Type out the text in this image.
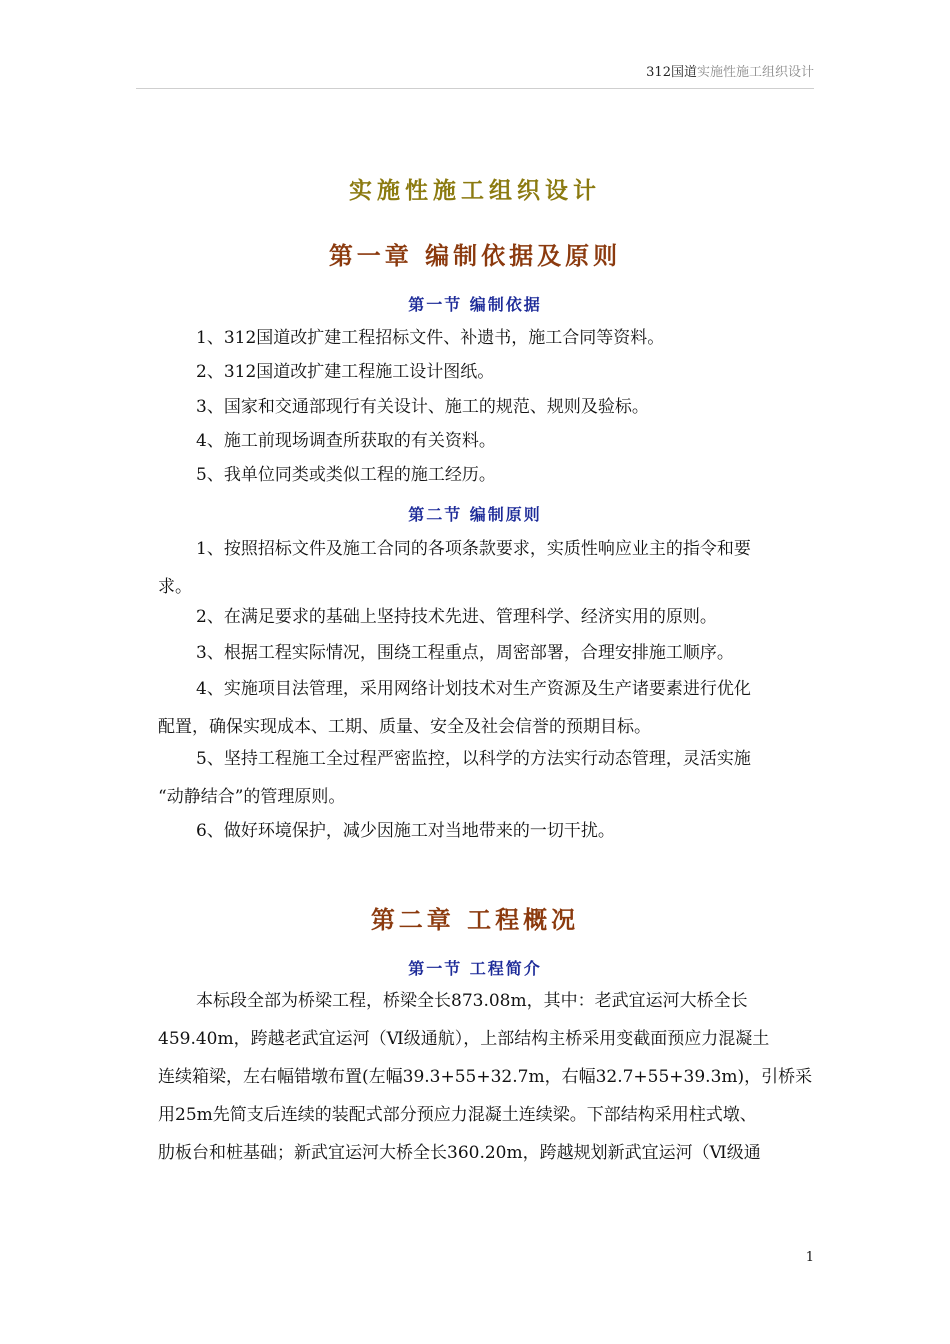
312国道实施性施工组织设计
实施性施工组织设计
第一章 编制依据及原则
第一节 编制依据

1、312国道改扩建工程招标文件、补遗书，施工合同等资料。

2、312国道改扩建工程施工设计图纸。

3、国家和交通部现行有关设计、施工的规范、规则及验标。

4、施工前现场调查所获取的有关资料。

5、我单位同类或类似工程的施工经历。

第二节 编制原则

1、按照招标文件及施工合同的各项条款要求，实质性响应业主的指令和要
求。

2、在满足要求的基础上坚持技术先进、管理科学、经济实用的原则。

3、根据工程实际情况，围绕工程重点，周密部署，合理安排施工顺序。

4、实施项目法管理，采用网络计划技术对生产资源及生产诸要素进行优化
配置，确保实现成本、工期、质量、安全及社会信誉的预期目标。

5、坚持工程施工全过程严密监控，以科学的方法实行动态管理，灵活实施
“动静结合”的管理原则。

6、做好环境保护，减少因施工对当地带来的一切干扰。

第二章 工程概况
第一节 工程简介

本标段全部为桥梁工程，桥梁全长873.08m，其中：老武宜运河大桥全长
459.40m，跨越老武宜运河（Ⅵ级通航），上部结构主桥采用变截面预应力混凝土
连续箱梁，左右幅错墩布置(左幅39.3+55+32.7m，右幅32.7+55+39.3m)，引桥采
用25m先简支后连续的装配式部分预应力混凝土连续梁。下部结构采用柱式墩、
肋板台和桩基础；新武宜运河大桥全长360.20m，跨越规划新武宜运河（Ⅵ级通

1
